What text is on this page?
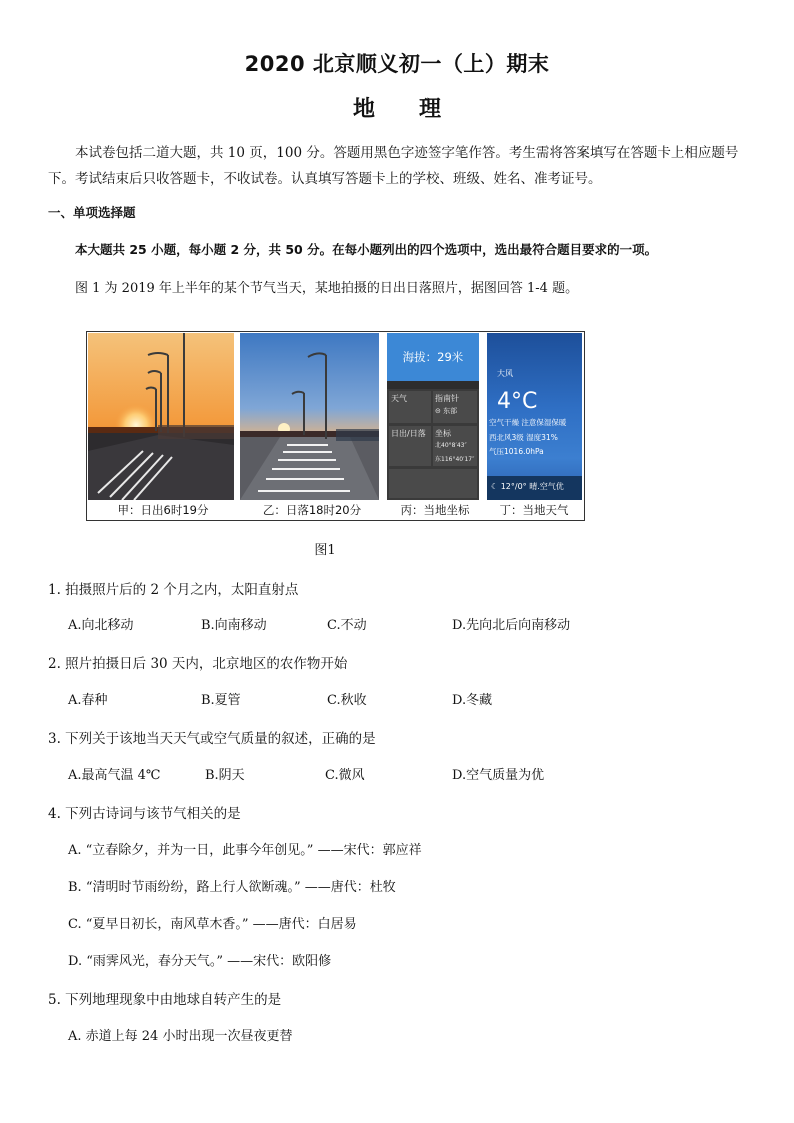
2020 北京顺义初一（上）期末
地 理
本试卷包括二道大题，共 10 页，100 分。答题用黑色字迹签字笔作答。考生需将答案填写在答题卡上相应题号下。考试结束后只收答题卡，不收试卷。认真填写答题卡上的学校、班级、姓名、准考证号。
一、单项选择题
本大题共 25 小题，每小题 2 分，共 50 分。在每小题列出的四个选项中，选出最符合题目要求的一项。
图 1 为 2019 年上半年的某个节气当天，某地拍摄的日出日落照片，据图回答 1-4 题。
海拔：29米
天气	指南针
⊝ 东部
日出/日落	坐标
北40°8′43″
东116°40′17″
大风
4°C
空气干燥 注意保湿保暖
西北风3级 湿度31%
气压1016.0hPa
☾ 12°/0° 晴.空气优
甲：日出6时19分	乙：日落18时20分	丙：当地坐标	丁：当地天气
图1
1. 拍摄照片后的 2 个月之内，太阳直射点
A.向北移动	B.向南移动	C.不动	D.先向北后向南移动
2. 照片拍摄日后 30 天内，北京地区的农作物开始
A.春种	B.夏管	C.秋收	D.冬藏
3. 下列关于该地当天天气或空气质量的叙述，正确的是
A.最高气温 4℃	B.阴天	C.微风	D.空气质量为优
4. 下列古诗词与该节气相关的是
A. “立春除夕，并为一日，此事今年创见。” ——宋代：郭应祥
B. “清明时节雨纷纷，路上行人欲断魂。” ——唐代：杜牧
C. “夏早日初长，南风草木香。” ——唐代：白居易
D. “雨霁风光，春分天气。” ——宋代：欧阳修
5. 下列地理现象中由地球自转产生的是
A. 赤道上每 24 小时出现一次昼夜更替
